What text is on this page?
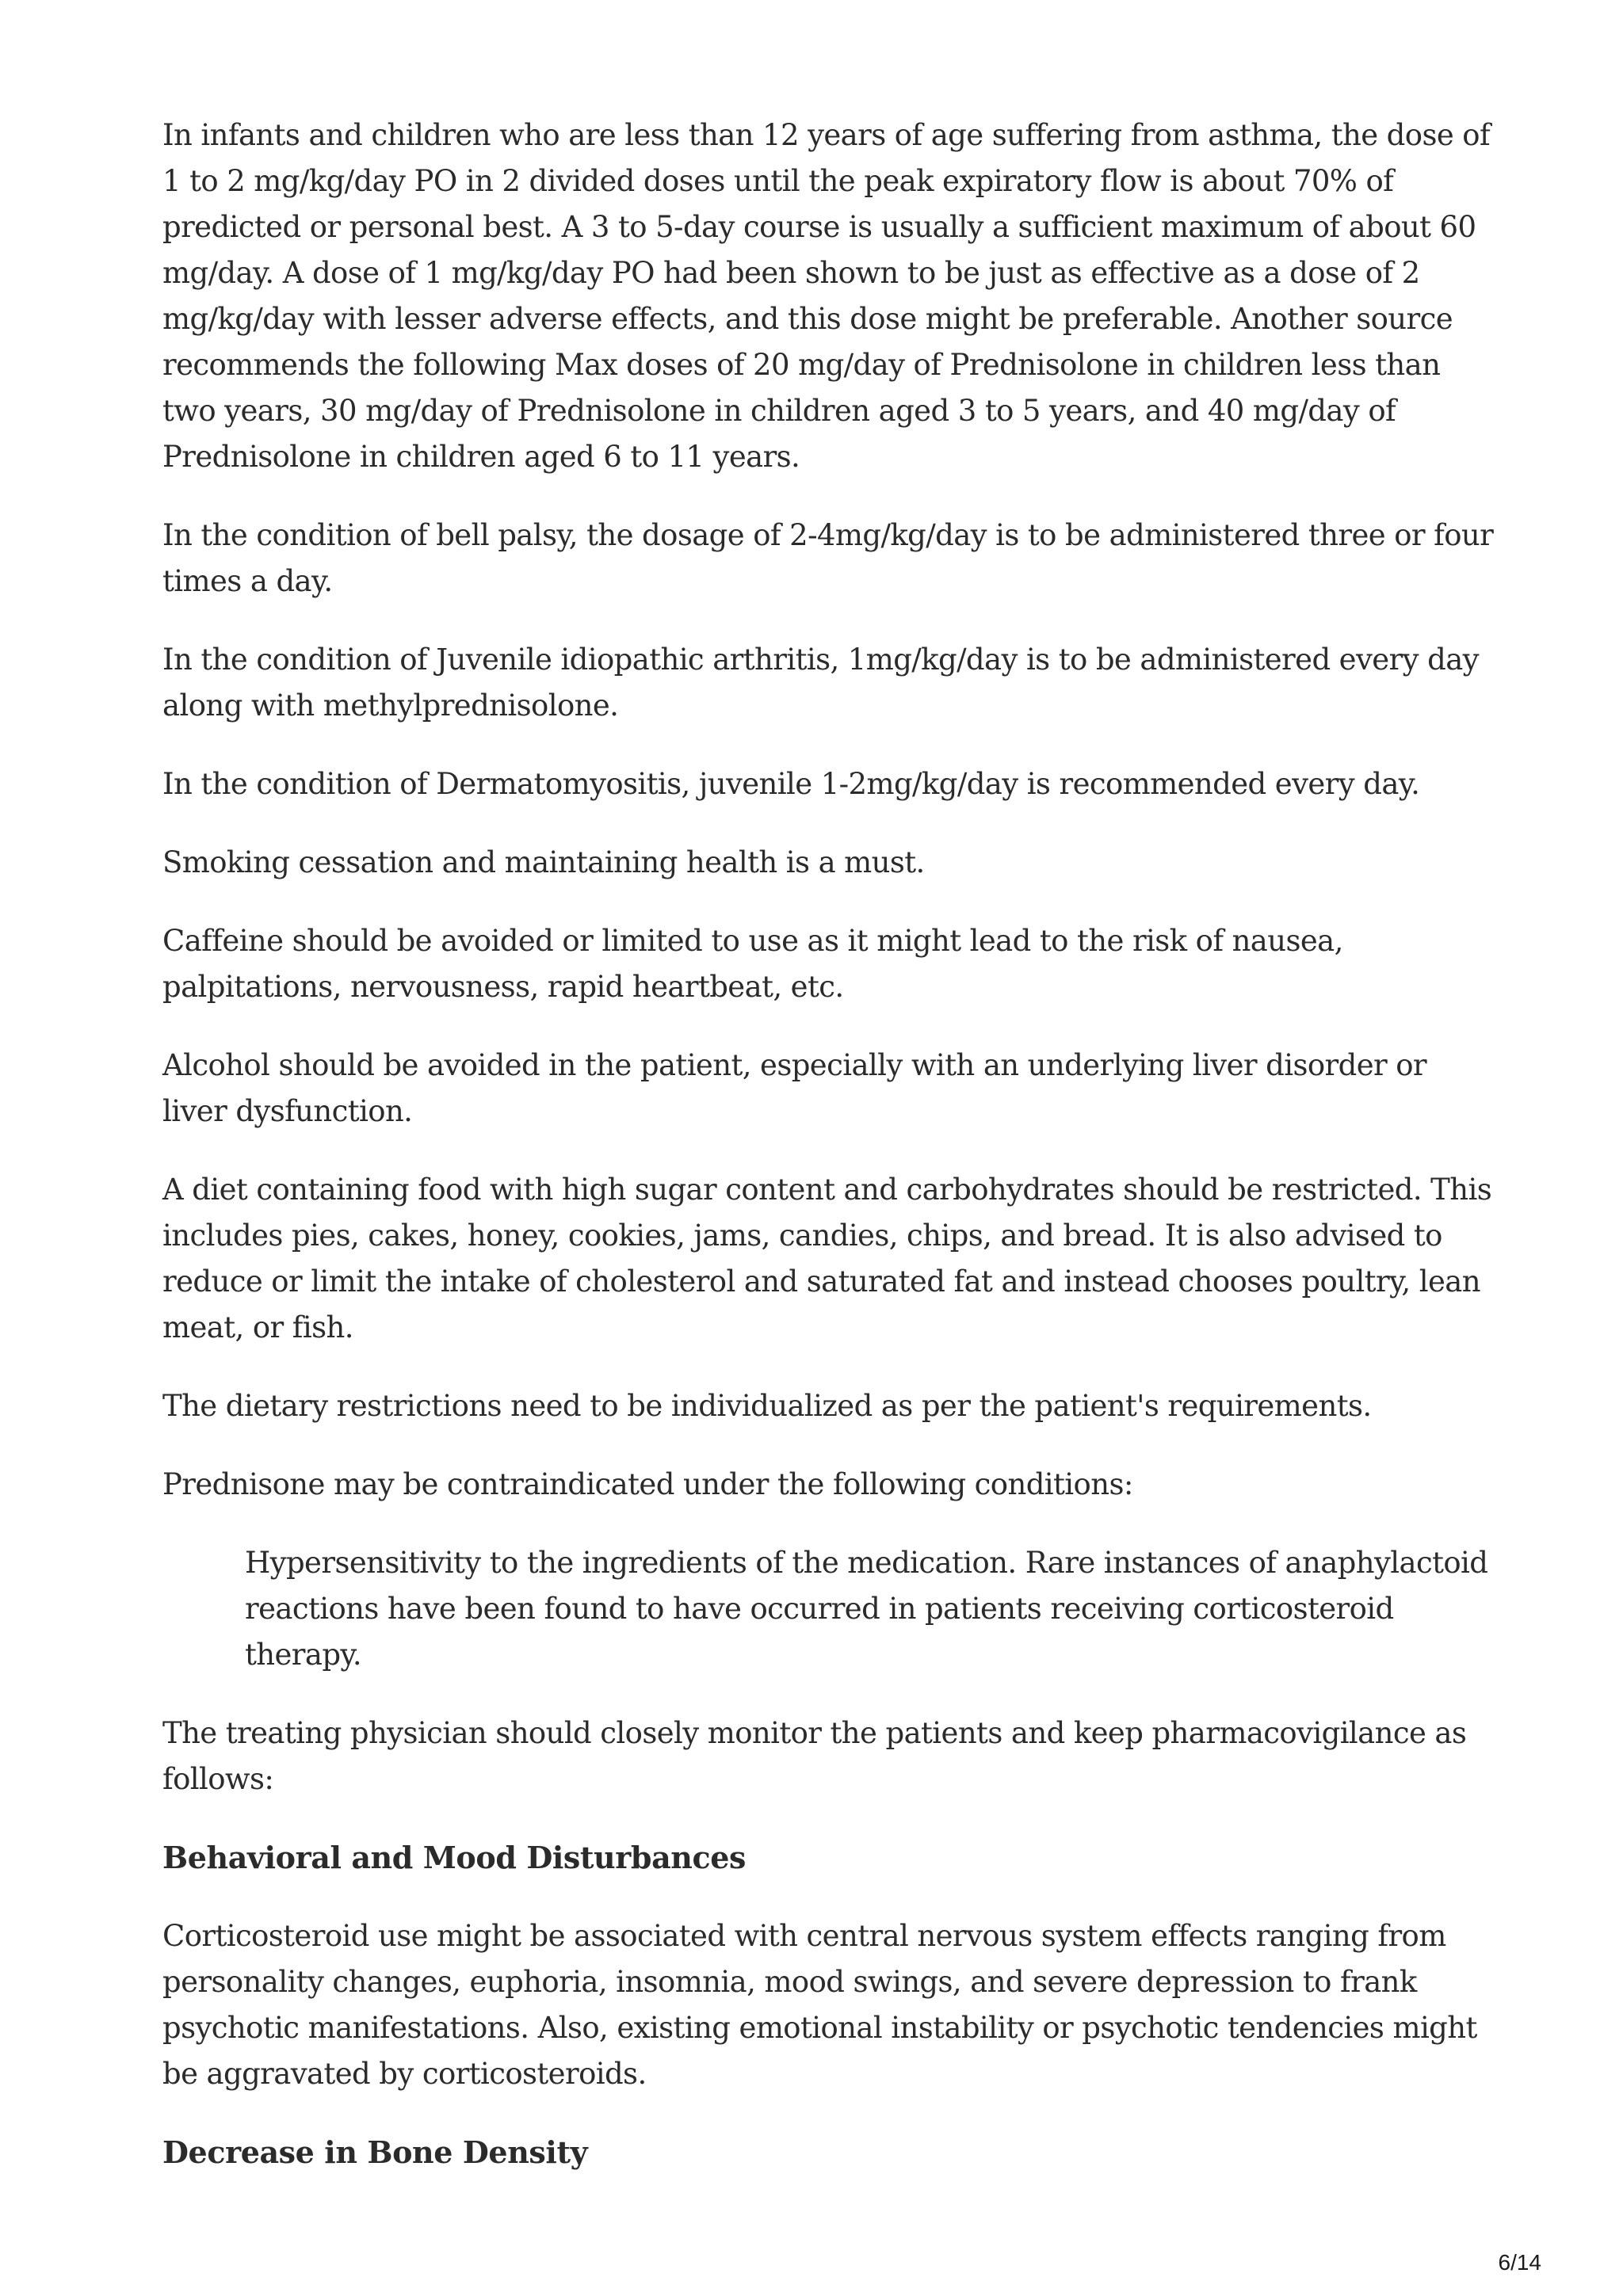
In infants and children who are less than 12 years of age suffering from asthma, the dose of 1 to 2 mg/kg/day PO in 2 divided doses until the peak expiratory flow is about 70% of predicted or personal best. A 3 to 5-day course is usually a sufficient maximum of about 60 mg/day. A dose of 1 mg/kg/day PO had been shown to be just as effective as a dose of 2 mg/kg/day with lesser adverse effects, and this dose might be preferable. Another source recommends the following Max doses of 20 mg/day of Prednisolone in children less than two years, 30 mg/day of Prednisolone in children aged 3 to 5 years, and 40 mg/day of Prednisolone in children aged 6 to 11 years.

In the condition of bell palsy, the dosage of 2-4mg/kg/day is to be administered three or four times a day.

In the condition of Juvenile idiopathic arthritis, 1mg/kg/day is to be administered every day along with methylprednisolone.

In the condition of Dermatomyositis, juvenile 1-2mg/kg/day is recommended every day.

Smoking cessation and maintaining health is a must.

Caffeine should be avoided or limited to use as it might lead to the risk of nausea, palpitations, nervousness, rapid heartbeat, etc.

Alcohol should be avoided in the patient, especially with an underlying liver disorder or liver dysfunction.

A diet containing food with high sugar content and carbohydrates should be restricted. This includes pies, cakes, honey, cookies, jams, candies, chips, and bread. It is also advised to reduce or limit the intake of cholesterol and saturated fat and instead chooses poultry, lean meat, or fish.

The dietary restrictions need to be individualized as per the patient's requirements.

Prednisone may be contraindicated under the following conditions:

Hypersensitivity to the ingredients of the medication. Rare instances of anaphylactoid reactions have been found to have occurred in patients receiving corticosteroid therapy.

The treating physician should closely monitor the patients and keep pharmacovigilance as follows:

Behavioral and Mood Disturbances

Corticosteroid use might be associated with central nervous system effects ranging from personality changes, euphoria, insomnia, mood swings, and severe depression to frank psychotic manifestations. Also, existing emotional instability or psychotic tendencies might be aggravated by corticosteroids.

Decrease in Bone Density
6/14
